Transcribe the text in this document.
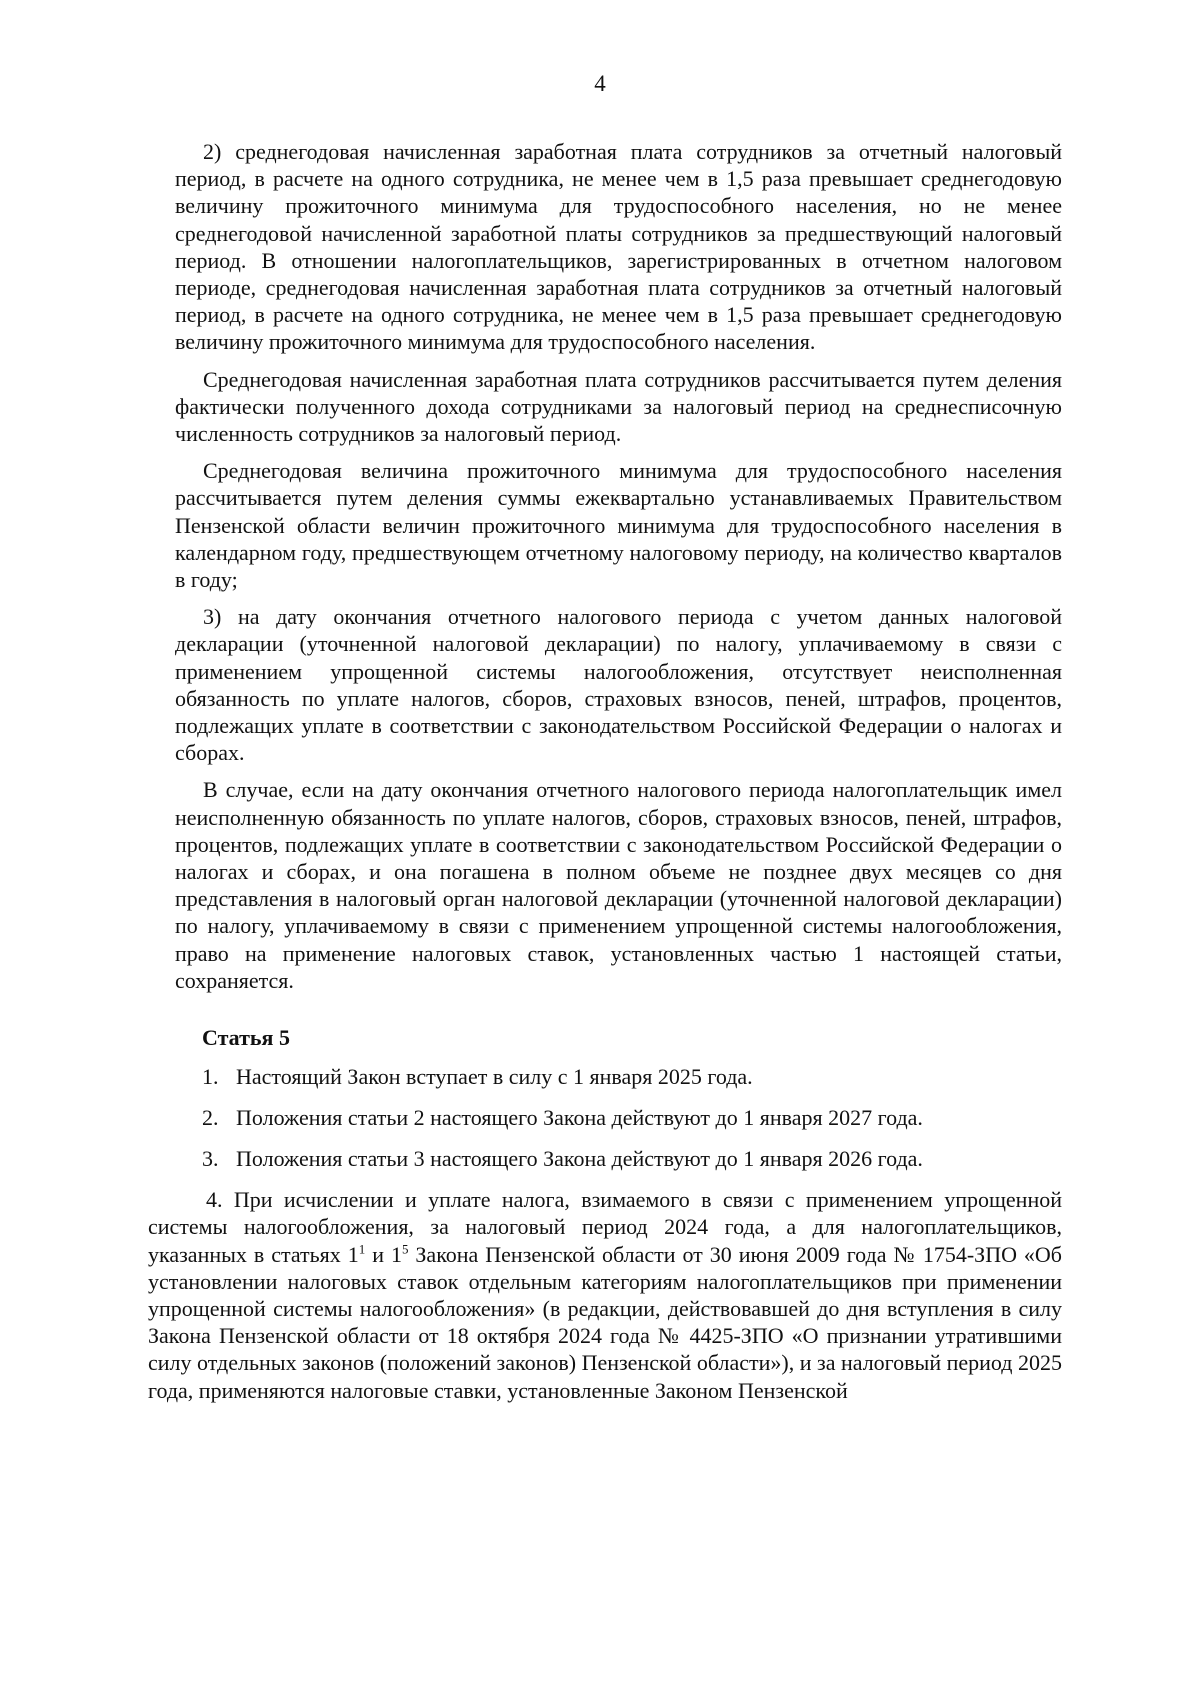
4

2) среднегодовая начисленная заработная плата сотрудников за отчетный налоговый период, в расчете на одного сотрудника, не менее чем в 1,5 раза превышает среднегодовую величину прожиточного минимума для трудоспособного населения, но не менее среднегодовой начисленной заработной платы сотрудников за предшествующий налоговый период. В отношении налогоплательщиков, зарегистрированных в отчетном налоговом периоде, среднегодовая начисленная заработная плата сотрудников за отчетный налоговый период, в расчете на одного сотрудника, не менее чем в 1,5 раза превышает среднегодовую величину прожиточного минимума для трудоспособного населения.

Среднегодовая начисленная заработная плата сотрудников рассчитывается путем деления фактически полученного дохода сотрудниками за налоговый период на среднесписочную численность сотрудников за налоговый период.

Среднегодовая величина прожиточного минимума для трудоспособного населения рассчитывается путем деления суммы ежеквартально устанавливаемых Правительством Пензенской области величин прожиточного минимума для трудоспособного населения в календарном году, предшествующем отчетному налоговому периоду, на количество кварталов в году;

3) на дату окончания отчетного налогового периода с учетом данных налоговой декларации (уточненной налоговой декларации) по налогу, уплачиваемому в связи с применением упрощенной системы налогообложения, отсутствует неисполненная обязанность по уплате налогов, сборов, страховых взносов, пеней, штрафов, процентов, подлежащих уплате в соответствии с законодательством Российской Федерации о налогах и сборах.

В случае, если на дату окончания отчетного налогового периода налогоплательщик имел неисполненную обязанность по уплате налогов, сборов, страховых взносов, пеней, штрафов, процентов, подлежащих уплате в соответствии с законодательством Российской Федерации о налогах и сборах, и она погашена в полном объеме не позднее двух месяцев со дня представления в налоговый орган налоговой декларации (уточненной налоговой декларации) по налогу, уплачиваемому в связи с применением упрощенной системы налогообложения, право на применение налоговых ставок, установленных частью 1 настоящей статьи, сохраняется.

Статья 5
1. Настоящий Закон вступает в силу с 1 января 2025 года.
2. Положения статьи 2 настоящего Закона действуют до 1 января 2027 года.
3. Положения статьи 3 настоящего Закона действуют до 1 января 2026 года.

4. При исчислении и уплате налога, взимаемого в связи с применением упрощенной системы налогообложения, за налоговый период 2024 года, а для налогоплательщиков, указанных в статьях $1^1$ и $1^5$ Закона Пензенской области от 30 июня 2009 года № 1754-ЗПО «Об установлении налоговых ставок отдельным категориям налогоплательщиков при применении упрощенной системы налогообложения» (в редакции, действовавшей до дня вступления в силу Закона Пензенской области от 18 октября 2024 года № 4425-ЗПО «О признании утратившими силу отдельных законов (положений законов) Пензенской области»), и за налоговый период 2025 года, применяются налоговые ставки, установленные Законом Пензенской
